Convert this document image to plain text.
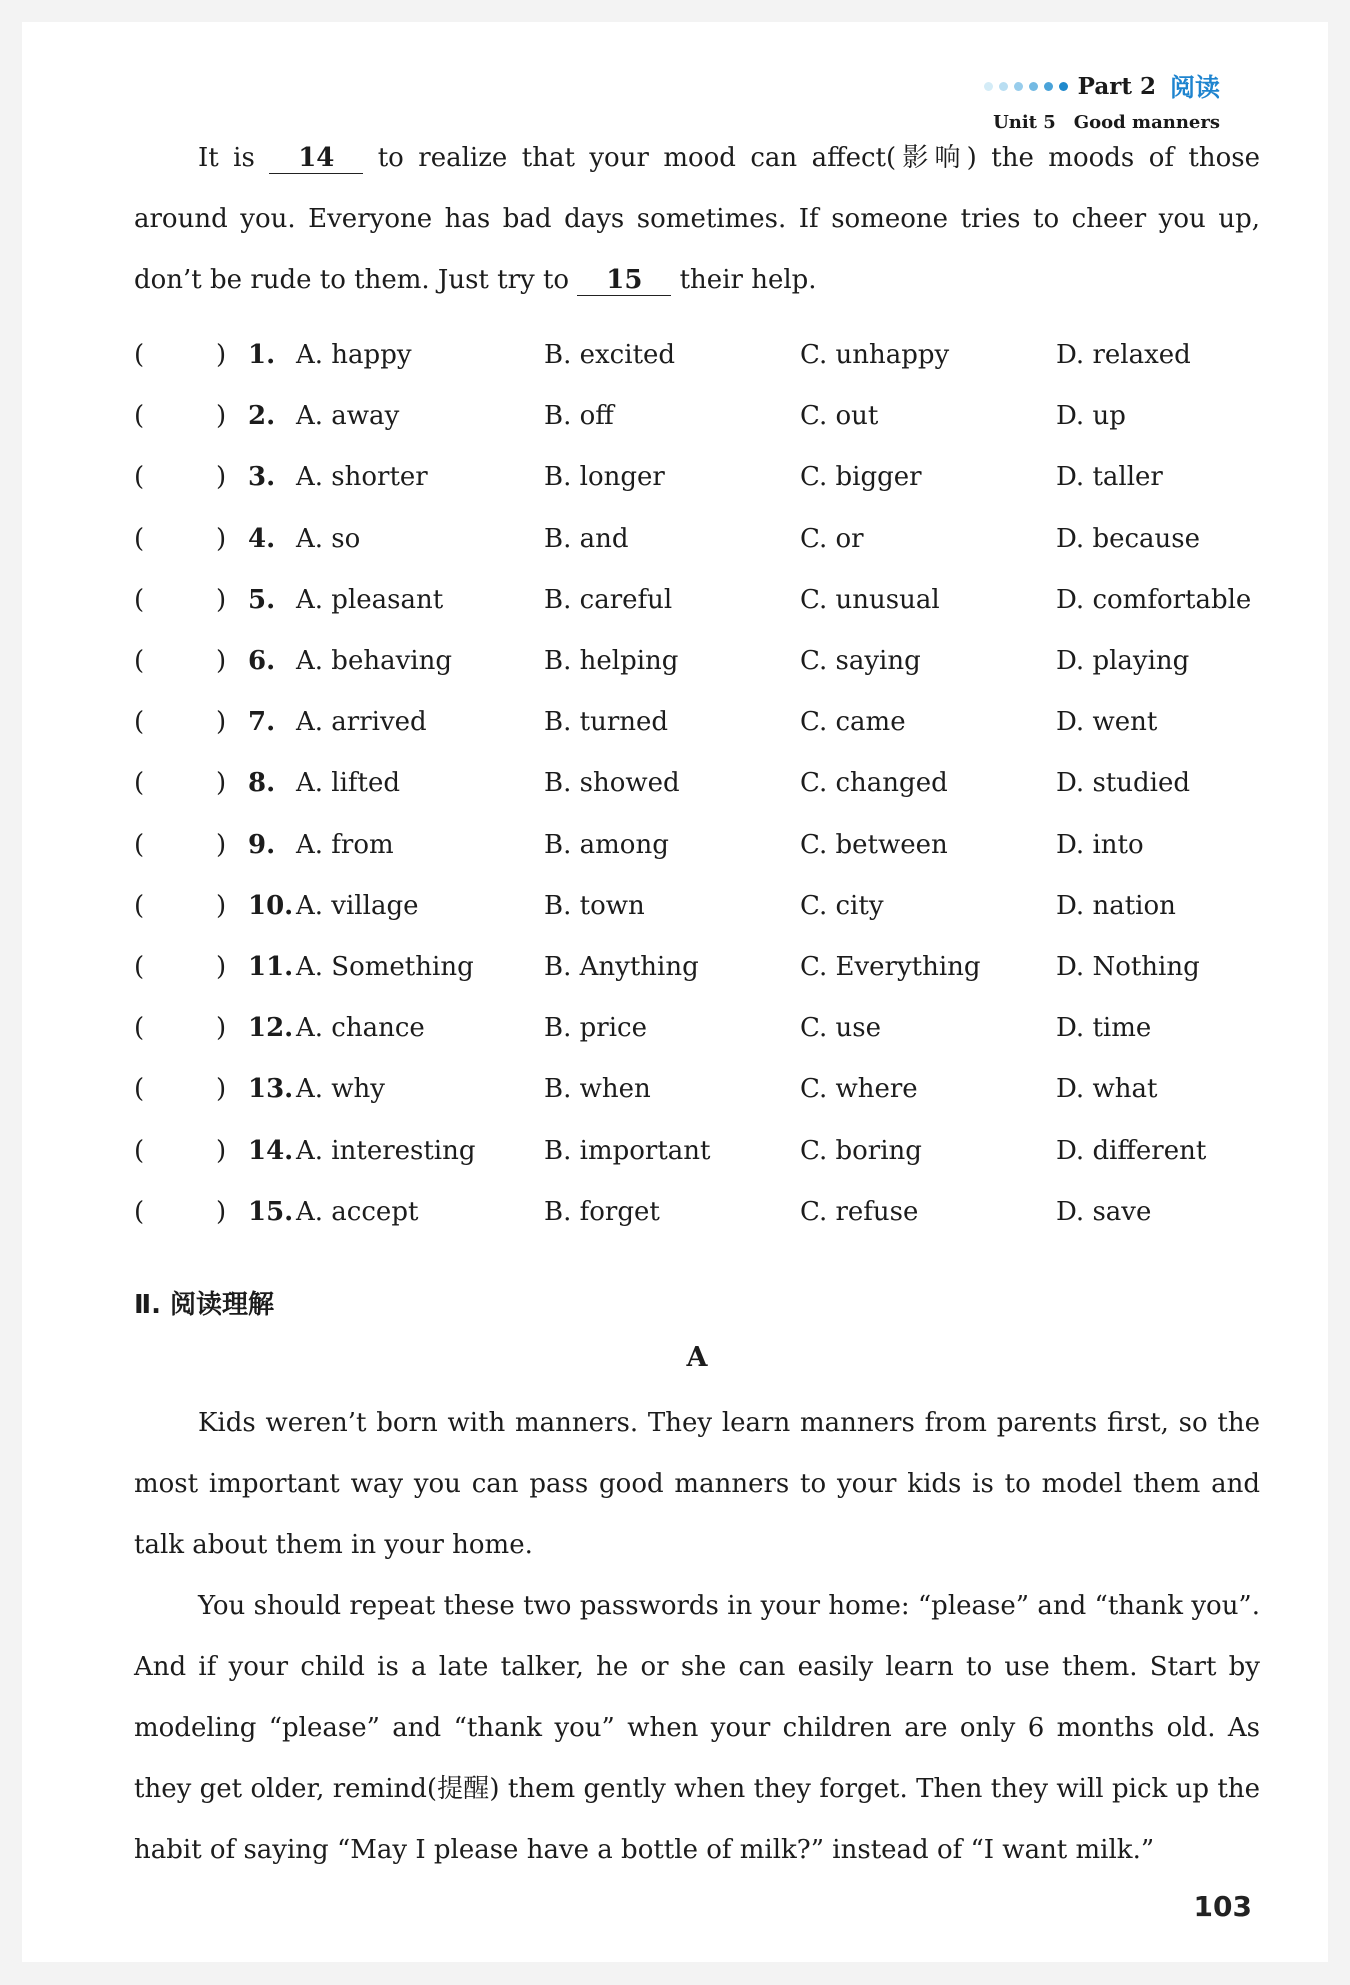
Part 2 阅读
Unit 5 Good manners
It is 14 to realize that your mood can affect(影响) the moods of those around you. Everyone has bad days sometimes. If someone tries to cheer you up, don’t be rude to them. Just try to 15 their help.
(	) 1. A. happy	B. excited	C. unhappy	D. relaxed
(	) 2. A. away	B. off	C. out	D. up
(	) 3. A. shorter	B. longer	C. bigger	D. taller
(	) 4. A. so	B. and	C. or	D. because
(	) 5. A. pleasant	B. careful	C. unusual	D. comfortable
(	) 6. A. behaving	B. helping	C. saying	D. playing
(	) 7. A. arrived	B. turned	C. came	D. went
(	) 8. A. lifted	B. showed	C. changed	D. studied
(	) 9. A. from	B. among	C. between	D. into
(	) 10. A. village	B. town	C. city	D. nation
(	) 11. A. Something	B. Anything	C. Everything	D. Nothing
(	) 12. A. chance	B. price	C. use	D. time
(	) 13. A. why	B. when	C. where	D. what
(	) 14. A. interesting	B. important	C. boring	D. different
(	) 15. A. accept	B. forget	C. refuse	D. save
Ⅱ. 阅读理解
A
Kids weren’t born with manners. They learn manners from parents first, so the most important way you can pass good manners to your kids is to model them and talk about them in your home.
You should repeat these two passwords in your home: “please” and “thank you”. And if your child is a late talker, he or she can easily learn to use them. Start by modeling “please” and “thank you” when your children are only 6 months old. As they get older, remind(提醒) them gently when they forget. Then they will pick up the habit of saying “May I please have a bottle of milk?” instead of “I want milk.”
103
